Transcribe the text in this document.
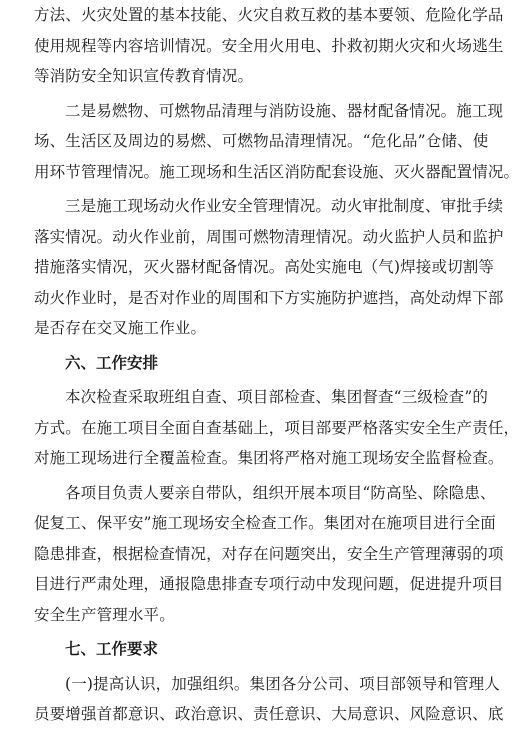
方法、火灾处置的基本技能、火灾自救互救的基本要领、危险化学品
使用规程等内容培训情况。安全用火用电、扑救初期火灾和火场逃生
等消防安全知识宣传教育情况。
二是易燃物、可燃物品清理与消防设施、器材配备情况。施工现
场、生活区及周边的易燃、可燃物品清理情况。“危化品”仓储、使
用环节管理情况。施工现场和生活区消防配套设施、灭火器配置情况。
三是施工现场动火作业安全管理情况。动火审批制度、审批手续
落实情况。动火作业前，周围可燃物清理情况。动火监护人员和监护
措施落实情况，灭火器材配备情况。高处实施电（气)焊接或切割等
动火作业时，是否对作业的周围和下方实施防护遮挡，高处动焊下部
是否存在交叉施工作业。
六、工作安排
本次检查采取班组自查、项目部检查、集团督查“三级检查”的
方式。在施工项目全面自查基础上，项目部要严格落实安全生产责任，
对施工现场进行全覆盖检查。集团将严格对施工现场安全监督检查。
各项目负责人要亲自带队，组织开展本项目“防高坠、除隐患、
促复工、保平安”施工现场安全检查工作。集团对在施项目进行全面
隐患排查，根据检查情况，对存在问题突出，安全生产管理薄弱的项
目进行严肃处理，通报隐患排查专项行动中发现问题，促进提升项目
安全生产管理水平。
七、工作要求
(一)提高认识，加强组织。集团各分公司、项目部领导和管理人
员要增强首都意识、政治意识、责任意识、大局意识、风险意识、底
